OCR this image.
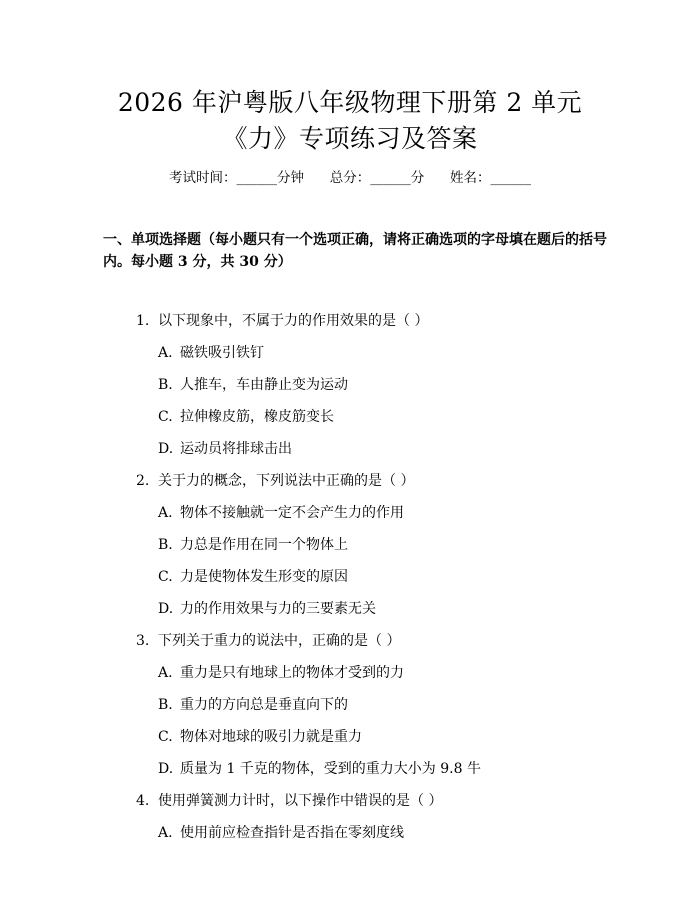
2026 年沪粤版八年级物理下册第 2 单元
《力》专项练习及答案
考试时间：______分钟      总分：______分      姓名：______
一、单项选择题（每小题只有一个选项正确，请将正确选项的字母填在题后的括号内。每小题 3 分，共 30 分）
1. 以下现象中，不属于力的作用效果的是（ ）
A. 磁铁吸引铁钉
B. 人推车，车由静止变为运动
C. 拉伸橡皮筋，橡皮筋变长
D. 运动员将排球击出
2. 关于力的概念，下列说法中正确的是（ ）
A. 物体不接触就一定不会产生力的作用
B. 力总是作用在同一个物体上
C. 力是使物体发生形变的原因
D. 力的作用效果与力的三要素无关
3. 下列关于重力的说法中，正确的是（ ）
A. 重力是只有地球上的物体才受到的力
B. 重力的方向总是垂直向下的
C. 物体对地球的吸引力就是重力
D. 质量为 1 千克的物体，受到的重力大小为 9.8 牛
4. 使用弹簧测力计时，以下操作中错误的是（ ）
A. 使用前应检查指针是否指在零刻度线
